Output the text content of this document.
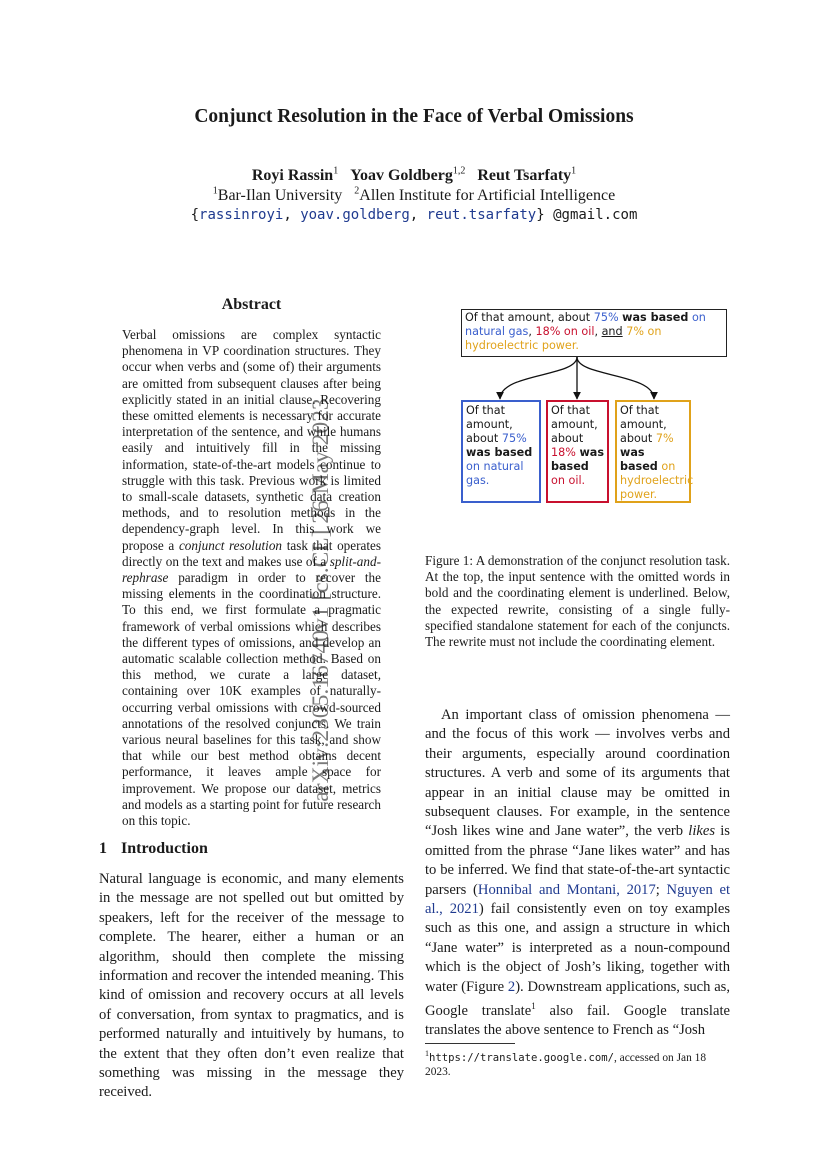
Conjunct Resolution in the Face of Verbal Omissions
Royi Rassin$^1$ Yoav Goldberg$^{1,2}$ Reut Tsarfaty$^1$
$^1$Bar-Ilan University $^2$Allen Institute for Artificial Intelligence
{rassinroyi, yoav.goldberg, reut.tsarfaty} @gmail.com
arXiv:2305.16740v1 [cs.CL] 26 May 2023
Abstract
Verbal omissions are complex syntactic phenomena in VP coordination structures. They occur when verbs and (some of) their arguments are omitted from subsequent clauses after being explicitly stated in an initial clause. Recovering these omitted elements is necessary for accurate interpretation of the sentence, and while humans easily and intuitively fill in the missing information, state-of-the-art models continue to struggle with this task. Previous work is limited to small-scale datasets, synthetic data creation methods, and to resolution methods in the dependency-graph level. In this work we propose a conjunct resolution task that operates directly on the text and makes use of a split-and-rephrase paradigm in order to recover the missing elements in the coordination structure. To this end, we first formulate a pragmatic framework of verbal omissions which describes the different types of omissions, and develop an automatic scalable collection method. Based on this method, we curate a large dataset, containing over 10K examples of naturally-occurring verbal omissions with crowd-sourced annotations of the resolved conjuncts. We train various neural baselines for this task, and show that while our best method obtains decent performance, it leaves ample space for improvement. We propose our dataset, metrics and models as a starting point for future research on this topic.
1 Introduction
Natural language is economic, and many elements in the message are not spelled out but omitted by speakers, left for the receiver of the message to complete. The hearer, either a human or an algorithm, should then complete the missing information and recover the intended meaning. This kind of omission and recovery occurs at all levels of conversation, from syntax to pragmatics, and is performed naturally and intuitively by humans, to the extent that they often don’t even realize that something was missing in the message they received.
Of that amount, about 75% was based on natural gas, 18% on oil, and 7% on hydroelectric power.
Of that amount, about 75% was based on natural gas.
Of that amount, about 18% was based on oil.
Of that amount, about 7% was based on hydroelectric power.
Figure 1: A demonstration of the conjunct resolution task. At the top, the input sentence with the omitted words in bold and the coordinating element is underlined. Below, the expected rewrite, consisting of a single fully-specified standalone statement for each of the conjuncts. The rewrite must not include the coordinating element.
An important class of omission phenomena — and the focus of this work — involves verbs and their arguments, especially around coordination structures. A verb and some of its arguments that appear in an initial clause may be omitted in subsequent clauses. For example, in the sentence “Josh likes wine and Jane water”, the verb likes is omitted from the phrase “Jane likes water” and has to be inferred. We find that state-of-the-art syntactic parsers (Honnibal and Montani, 2017; Nguyen et al., 2021) fail consistently even on toy examples such as this one, and assign a structure in which “Jane water” is interpreted as a noun-compound which is the object of Josh’s liking, together with water (Figure 2). Downstream applications, such as, Google translate$^1$ also fail. Google translate translates the above sentence to French as “Josh
$^1$https://translate.google.com/, accessed on Jan 18 2023.
